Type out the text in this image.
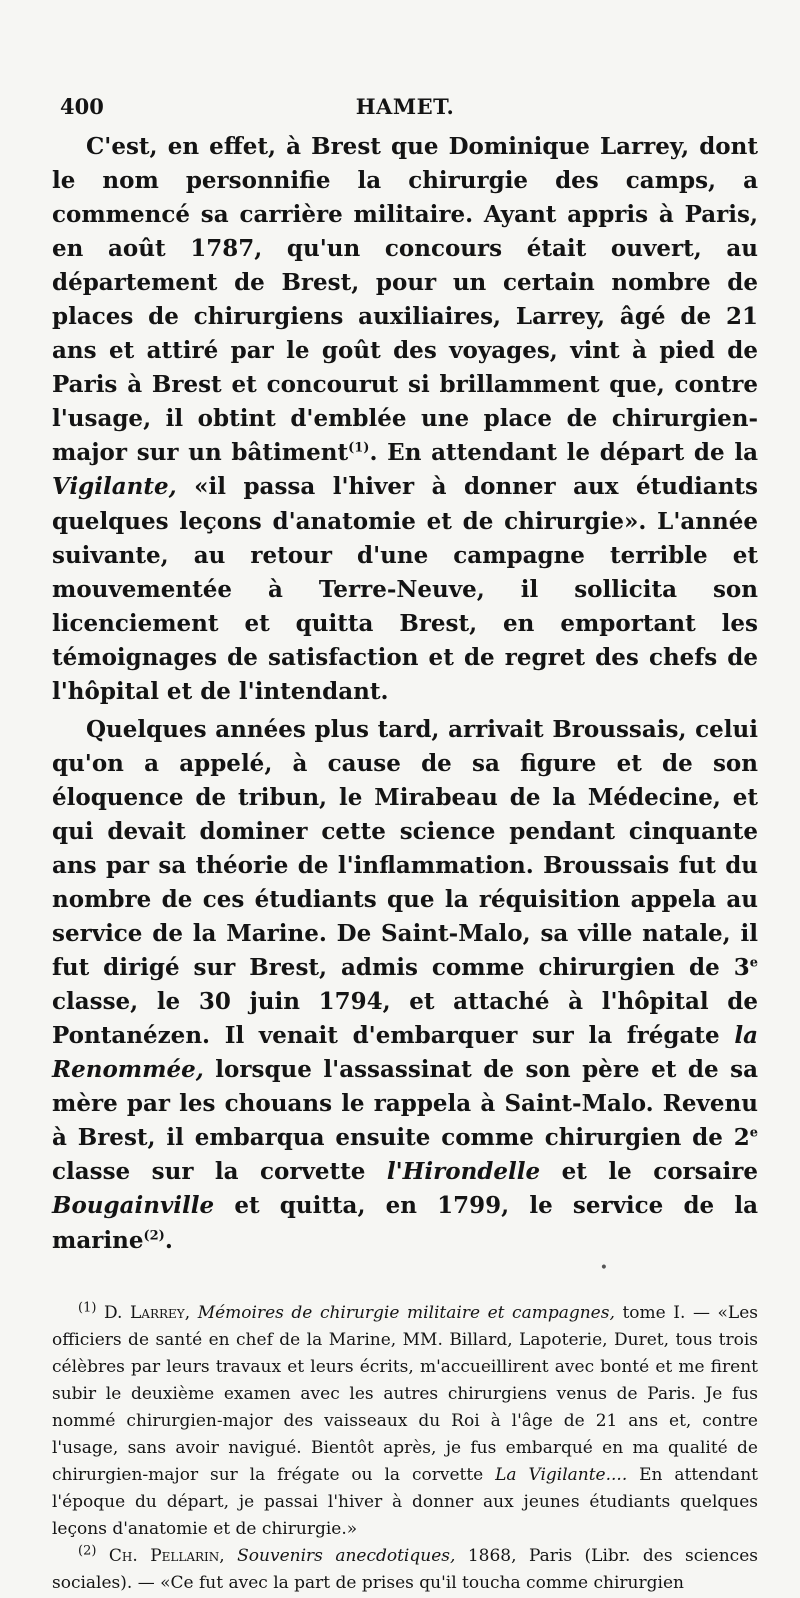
400	HAMET.

C'est, en effet, à Brest que Dominique Larrey, dont le nom personnifie la chirurgie des camps, a commencé sa carrière militaire. Ayant appris à Paris, en août 1787, qu'un concours était ouvert, au département de Brest, pour un certain nombre de places de chirurgiens auxiliaires, Larrey, âgé de 21 ans et attiré par le goût des voyages, vint à pied de Paris à Brest et concourut si brillamment que, contre l'usage, il obtint d'emblée une place de chirurgien-major sur un bâtiment$^{(1)}$. En attendant le départ de la Vigilante, «il passa l'hiver à donner aux étudiants quelques leçons d'anatomie et de chirurgie». L'année suivante, au retour d'une campagne terrible et mouvementée à Terre-Neuve, il sollicita son licenciement et quitta Brest, en emportant les témoignages de satisfaction et de regret des chefs de l'hôpital et de l'intendant.

Quelques années plus tard, arrivait Broussais, celui qu'on a appelé, à cause de sa figure et de son éloquence de tribun, le Mirabeau de la Médecine, et qui devait dominer cette science pendant cinquante ans par sa théorie de l'inflammation. Broussais fut du nombre de ces étudiants que la réquisition appela au service de la Marine. De Saint-Malo, sa ville natale, il fut dirigé sur Brest, admis comme chirurgien de 3e classe, le 30 juin 1794, et attaché à l'hôpital de Pontanézen. Il venait d'embarquer sur la frégate la Renommée, lorsque l'assassinat de son père et de sa mère par les chouans le rappela à Saint-Malo. Revenu à Brest, il embarqua ensuite comme chirurgien de 2e classe sur la corvette l'Hirondelle et le corsaire Bougainville et quitta, en 1799, le service de la marine$^{(2)}$.

•

$^{(1)}$ D. Larrey, Mémoires de chirurgie militaire et campagnes, tome I. — «Les officiers de santé en chef de la Marine, MM. Billard, Lapoterie, Duret, tous trois célèbres par leurs travaux et leurs écrits, m'accueillirent avec bonté et me firent subir le deuxième examen avec les autres chirurgiens venus de Paris. Je fus nommé chirurgien-major des vaisseaux du Roi à l'âge de 21 ans et, contre l'usage, sans avoir navigué. Bientôt après, je fus embarqué en ma qualité de chirurgien-major sur la frégate ou la corvette La Vigilante.... En attendant l'époque du départ, je passai l'hiver à donner aux jeunes étudiants quelques leçons d'anatomie et de chirurgie.»

$^{(2)}$ Ch. Pellarin, Souvenirs anecdotiques, 1868, Paris (Libr. des sciences sociales). — «Ce fut avec la part de prises qu'il toucha comme chirurgien
